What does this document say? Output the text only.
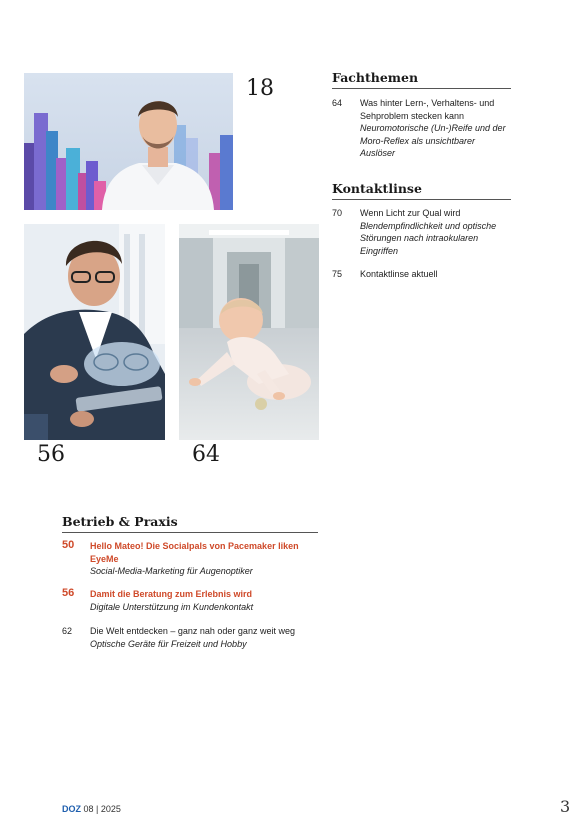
18
56	64
Fachthemen
64 Was hinter Lern-, Verhaltens- und Sehproblem stecken kann
Neuromotorische (Un-)Reife und der Moro-Reflex als unsichtbarer Auslöser
Kontaktlinse
70 Wenn Licht zur Qual wird
Blendempfindlichkeit und optische Störungen nach intraokularen Eingriffen
75 Kontaktlinse aktuell
Betrieb & Praxis
50 Hello Mateo! Die Socialpals von Pacemaker liken EyeMe
Social-Media-Marketing für Augenoptiker
56 Damit die Beratung zum Erlebnis wird
Digitale Unterstützung im Kundenkontakt
62 Die Welt entdecken – ganz nah oder ganz weit weg
Optische Geräte für Freizeit und Hobby
DOZ 08 | 2025	3
